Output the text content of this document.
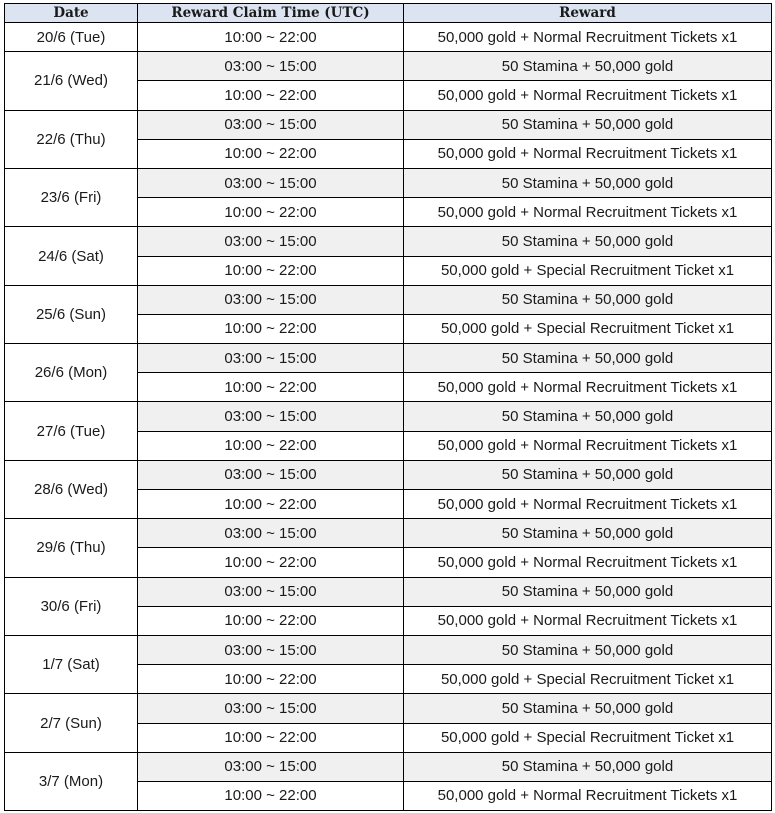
Date	Reward Claim Time (UTC)	Reward
20/6 (Tue)	10:00 ~ 22:00	50,000 gold + Normal Recruitment Tickets x1
21/6 (Wed)	03:00 ~ 15:00	50 Stamina + 50,000 gold
	10:00 ~ 22:00	50,000 gold + Normal Recruitment Tickets x1
22/6 (Thu)	03:00 ~ 15:00	50 Stamina + 50,000 gold
	10:00 ~ 22:00	50,000 gold + Normal Recruitment Tickets x1
23/6 (Fri)	03:00 ~ 15:00	50 Stamina + 50,000 gold
	10:00 ~ 22:00	50,000 gold + Normal Recruitment Tickets x1
24/6 (Sat)	03:00 ~ 15:00	50 Stamina + 50,000 gold
	10:00 ~ 22:00	50,000 gold + Special Recruitment Ticket x1
25/6 (Sun)	03:00 ~ 15:00	50 Stamina + 50,000 gold
	10:00 ~ 22:00	50,000 gold + Special Recruitment Ticket x1
26/6 (Mon)	03:00 ~ 15:00	50 Stamina + 50,000 gold
	10:00 ~ 22:00	50,000 gold + Normal Recruitment Tickets x1
27/6 (Tue)	03:00 ~ 15:00	50 Stamina + 50,000 gold
	10:00 ~ 22:00	50,000 gold + Normal Recruitment Tickets x1
28/6 (Wed)	03:00 ~ 15:00	50 Stamina + 50,000 gold
	10:00 ~ 22:00	50,000 gold + Normal Recruitment Tickets x1
29/6 (Thu)	03:00 ~ 15:00	50 Stamina + 50,000 gold
	10:00 ~ 22:00	50,000 gold + Normal Recruitment Tickets x1
30/6 (Fri)	03:00 ~ 15:00	50 Stamina + 50,000 gold
	10:00 ~ 22:00	50,000 gold + Normal Recruitment Tickets x1
1/7 (Sat)	03:00 ~ 15:00	50 Stamina + 50,000 gold
	10:00 ~ 22:00	50,000 gold + Special Recruitment Ticket x1
2/7 (Sun)	03:00 ~ 15:00	50 Stamina + 50,000 gold
	10:00 ~ 22:00	50,000 gold + Special Recruitment Ticket x1
3/7 (Mon)	03:00 ~ 15:00	50 Stamina + 50,000 gold
	10:00 ~ 22:00	50,000 gold + Normal Recruitment Tickets x1
